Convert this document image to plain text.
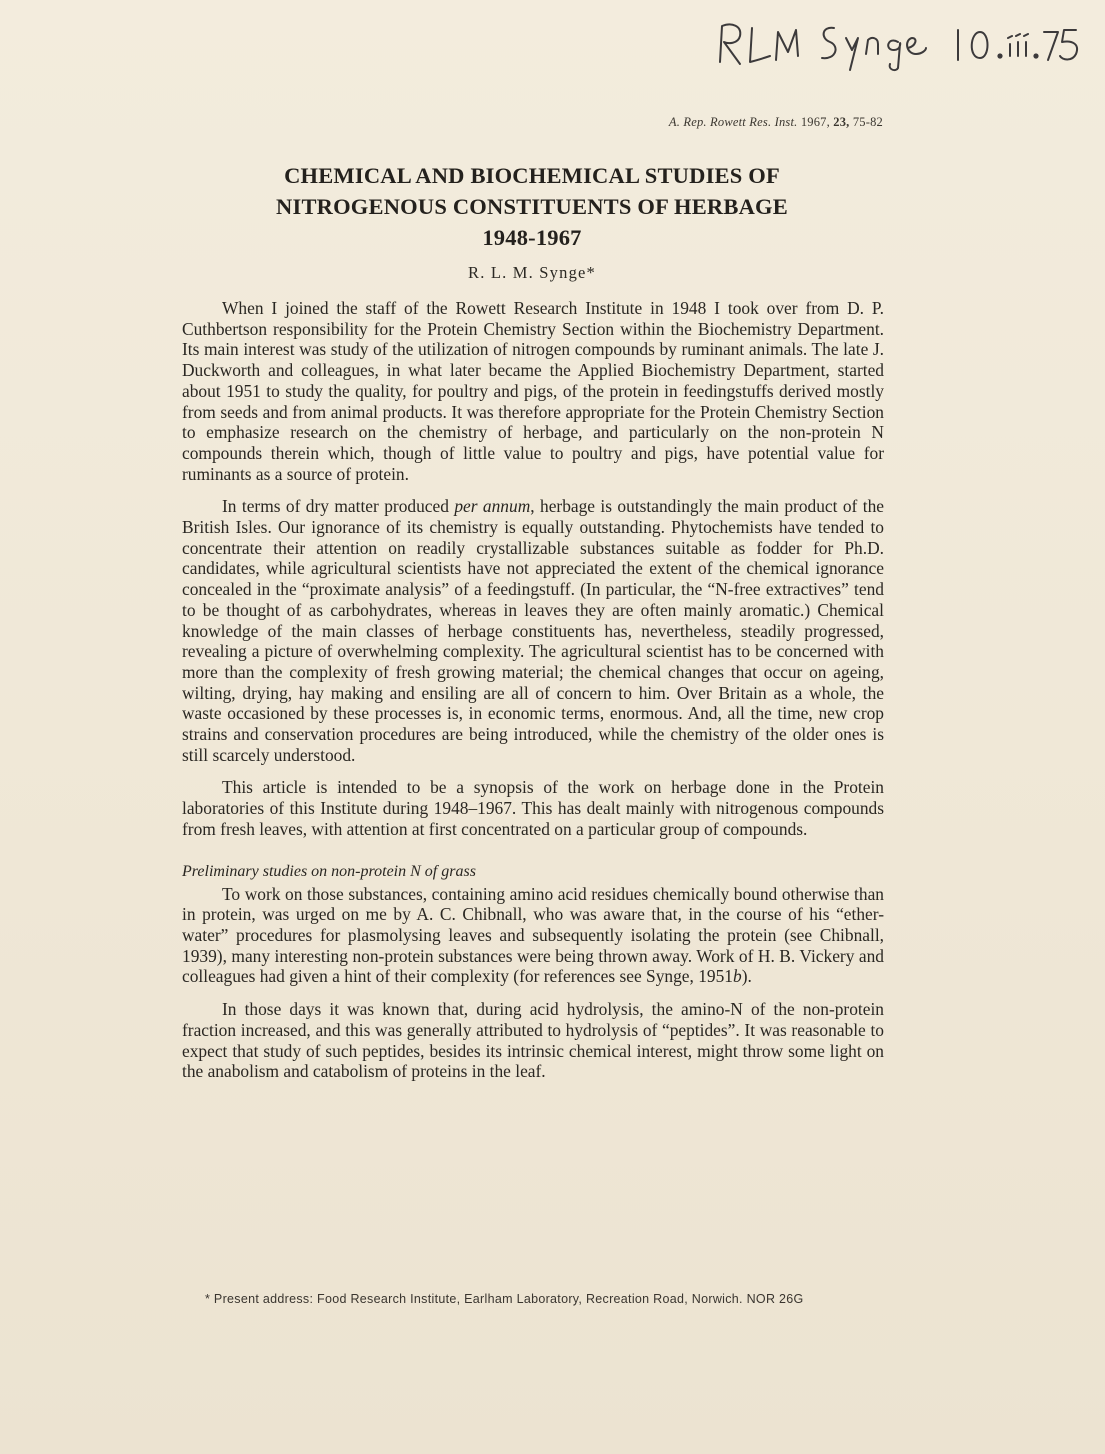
A. Rep. Rowett Res. Inst. 1967, 23, 75-82
CHEMICAL AND BIOCHEMICAL STUDIES OF
NITROGENOUS CONSTITUENTS OF HERBAGE
1948-1967
R. L. M. Synge*

When I joined the staff of the Rowett Research Institute in 1948 I took over from D. P. Cuthbertson responsibility for the Protein Chemistry Section within the Biochemistry Department. Its main interest was study of the utilization of nitrogen compounds by ruminant animals. The late J. Duckworth and colleagues, in what later became the Applied Biochemistry Department, started about 1951 to study the quality, for poultry and pigs, of the protein in feedingstuffs derived mostly from seeds and from animal products. It was therefore appropriate for the Protein Chemistry Section to emphasize research on the chemistry of herbage, and particularly on the non-protein N compounds therein which, though of little value to poultry and pigs, have potential value for ruminants as a source of protein.

In terms of dry matter produced per annum, herbage is outstandingly the main product of the British Isles. Our ignorance of its chemistry is equally outstanding. Phytochemists have tended to concentrate their attention on readily crystallizable substances suitable as fodder for Ph.D. candidates, while agricultural scientists have not appreciated the extent of the chemical ignorance concealed in the “proximate analysis” of a feedingstuff. (In particular, the “N-free extractives” tend to be thought of as carbohydrates, whereas in leaves they are often mainly aromatic.) Chemical knowledge of the main classes of herbage constituents has, nevertheless, steadily progressed, revealing a picture of overwhelming complexity. The agricultural scientist has to be concerned with more than the complexity of fresh growing material; the chemical changes that occur on ageing, wilting, drying, hay making and ensiling are all of concern to him. Over Britain as a whole, the waste occasioned by these processes is, in economic terms, enormous. And, all the time, new crop strains and conservation procedures are being introduced, while the chemistry of the older ones is still scarcely understood.

This article is intended to be a synopsis of the work on herbage done in the Protein laboratories of this Institute during 1948–1967. This has dealt mainly with nitrogenous compounds from fresh leaves, with attention at first concentrated on a particular group of compounds.

Preliminary studies on non-protein N of grass

To work on those substances, containing amino acid residues chemically bound otherwise than in protein, was urged on me by A. C. Chibnall, who was aware that, in the course of his “ether-water” procedures for plasmolysing leaves and subsequently isolating the protein (see Chibnall, 1939), many interesting non-protein substances were being thrown away. Work of H. B. Vickery and colleagues had given a hint of their complexity (for references see Synge, 1951b).

In those days it was known that, during acid hydrolysis, the amino-N of the non-protein fraction increased, and this was generally attributed to hydrolysis of “peptides”. It was reasonable to expect that study of such peptides, besides its intrinsic chemical interest, might throw some light on the anabolism and catabolism of proteins in the leaf.

* Present address: Food Research Institute, Earlham Laboratory, Recreation Road, Norwich. NOR 26G
